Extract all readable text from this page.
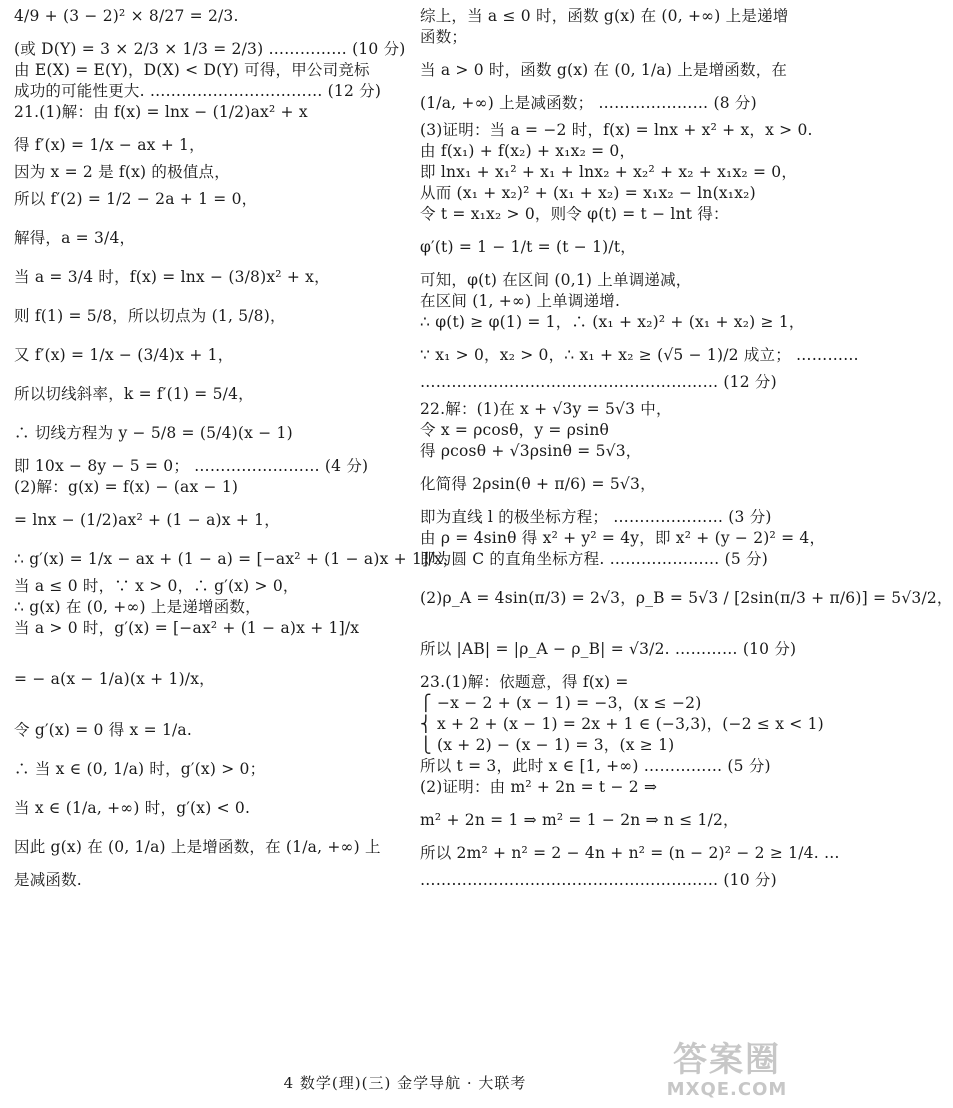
4/9 + (3 − 2)² × 8/27 = 2/3.
(或 D(Y) = 3 × 2/3 × 1/3 = 2/3) …………… (10 分)
由 E(X) = E(Y)，D(X) < D(Y) 可得，甲公司竞标
成功的可能性更大. …………………………… (12 分)
21.(1)解：由 f(x) = lnx − (1/2)ax² + x
得 f′(x) = 1/x − ax + 1，
因为 x = 2 是 f(x) 的极值点，
所以 f′(2) = 1/2 − 2a + 1 = 0，
解得，a = 3/4，
当 a = 3/4 时，f(x) = lnx − (3/8)x² + x，
则 f(1) = 5/8，所以切点为 (1, 5/8)，
又 f′(x) = 1/x − (3/4)x + 1，
所以切线斜率，k = f′(1) = 5/4，
∴ 切线方程为 y − 5/8 = (5/4)(x − 1)
即 10x − 8y − 5 = 0； …………………… (4 分)
(2)解：g(x) = f(x) − (ax − 1)
= lnx − (1/2)ax² + (1 − a)x + 1，
∴ g′(x) = 1/x − ax + (1 − a) = [−ax² + (1 − a)x + 1]/x，
当 a ≤ 0 时，∵ x > 0，∴ g′(x) > 0，
∴ g(x) 在 (0, +∞) 上是递增函数，
当 a > 0 时，g′(x) = [−ax² + (1 − a)x + 1]/x
= − a(x − 1/a)(x + 1)/x，
令 g′(x) = 0 得 x = 1/a.
∴ 当 x ∈ (0, 1/a) 时，g′(x) > 0；
当 x ∈ (1/a, +∞) 时，g′(x) < 0.
因此 g(x) 在 (0, 1/a) 上是增函数，在 (1/a, +∞) 上
是减函数.
综上，当 a ≤ 0 时，函数 g(x) 在 (0, +∞) 上是递增
函数；
当 a > 0 时，函数 g(x) 在 (0, 1/a) 上是增函数，在
(1/a, +∞) 上是减函数； ………………… (8 分)
(3)证明：当 a = −2 时，f(x) = lnx + x² + x，x > 0.
由 f(x₁) + f(x₂) + x₁x₂ = 0，
即 lnx₁ + x₁² + x₁ + lnx₂ + x₂² + x₂ + x₁x₂ = 0，
从而 (x₁ + x₂)² + (x₁ + x₂) = x₁x₂ − ln(x₁x₂)
令 t = x₁x₂ > 0，则令 φ(t) = t − lnt 得：
φ′(t) = 1 − 1/t = (t − 1)/t，
可知，φ(t) 在区间 (0,1) 上单调递减，
在区间 (1, +∞) 上单调递增.
∴ φ(t) ≥ φ(1) = 1，∴ (x₁ + x₂)² + (x₁ + x₂) ≥ 1，
∵ x₁ > 0，x₂ > 0，∴ x₁ + x₂ ≥ (√5 − 1)/2 成立； …………
………………………………………………… (12 分)
22.解：(1)在 x + √3y = 5√3 中，
令 x = ρcosθ，y = ρsinθ
得 ρcosθ + √3ρsinθ = 5√3，
化简得 2ρsin(θ + π/6) = 5√3，
即为直线 l 的极坐标方程； ………………… (3 分)
由 ρ = 4sinθ 得 x² + y² = 4y，即 x² + (y − 2)² = 4，
即为圆 C 的直角坐标方程. ………………… (5 分)
(2)ρ_A = 4sin(π/3) = 2√3，ρ_B = 5√3 / [2sin(π/3 + π/6)] = 5√3/2，
所以 |AB| = |ρ_A − ρ_B| = √3/2. ………… (10 分)
23.(1)解：依题意，得 f(x) =
⎧ −x − 2 + (x − 1) = −3，(x ≤ −2)
⎨ x + 2 + (x − 1) = 2x + 1 ∈ (−3,3)，(−2 ≤ x < 1)
⎩ (x + 2) − (x − 1) = 3，(x ≥ 1)
所以 t = 3，此时 x ∈ [1, +∞) …………… (5 分)
(2)证明：由 m² + 2n = t − 2 ⇒
m² + 2n = 1 ⇒ m² = 1 − 2n ⇒ n ≤ 1/2，
所以 2m² + n² = 2 − 4n + n² = (n − 2)² − 2 ≥ 1/4. …
………………………………………………… (10 分)
4 数学(理)(三) 金学导航 · 大联考
答案圈
MXQE.COM
